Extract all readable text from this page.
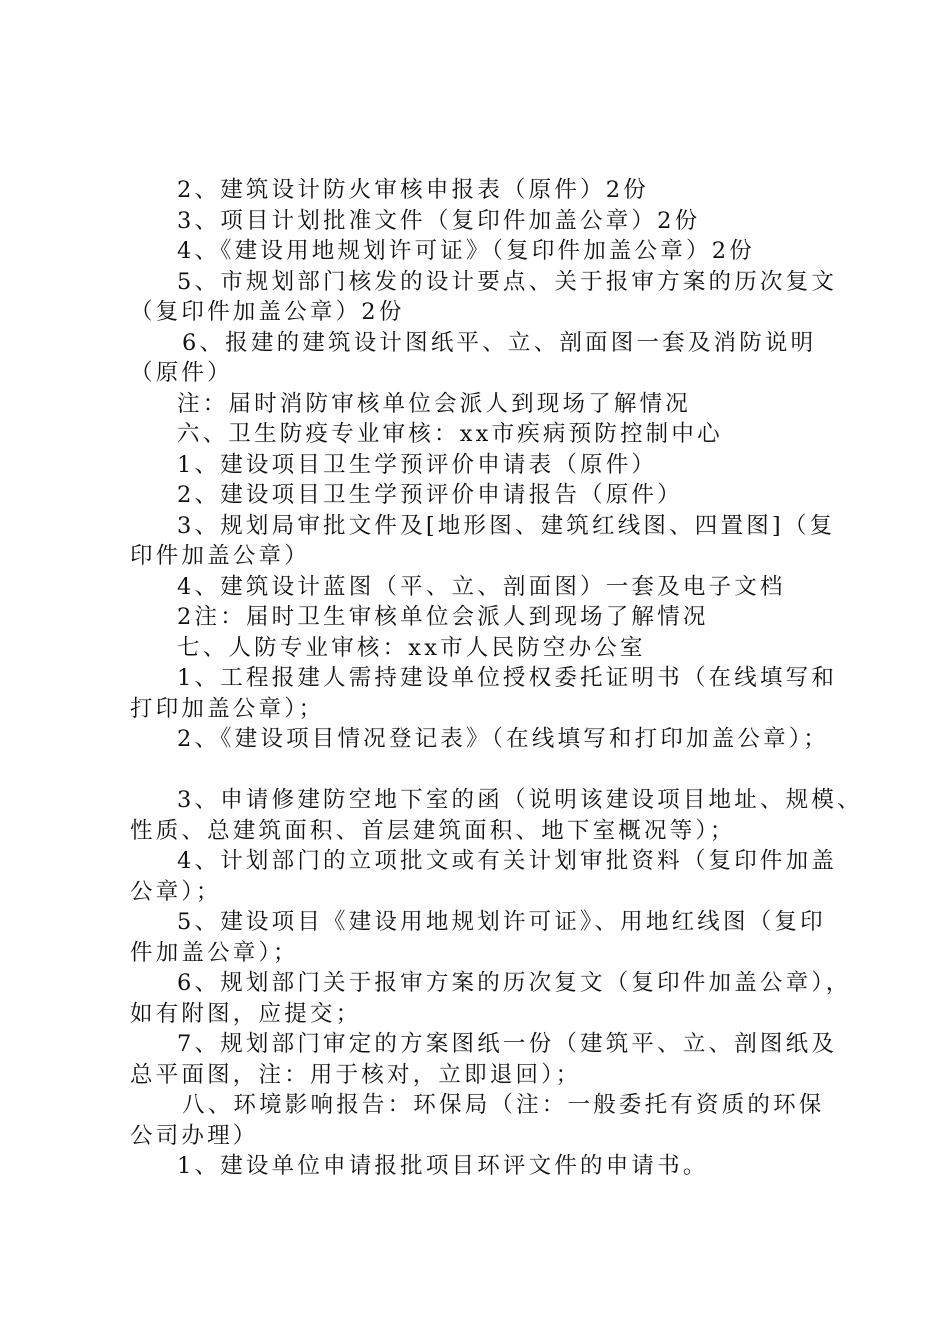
2、建筑设计防火审核申报表（原件）2份
3、项目计划批准文件（复印件加盖公章）2份
4、《建设用地规划许可证》（复印件加盖公章）2份
5、市规划部门核发的设计要点、关于报审方案的历次复文
（复印件加盖公章）2份
6、报建的建筑设计图纸平、立、剖面图一套及消防说明
（原件）
注：届时消防审核单位会派人到现场了解情况
六、卫生防疫专业审核：xx市疾病预防控制中心
1、建设项目卫生学预评价申请表（原件）
2、建设项目卫生学预评价申请报告（原件）
3、规划局审批文件及[地形图、建筑红线图、四置图]（复
印件加盖公章）
4、建筑设计蓝图（平、立、剖面图）一套及电子文档
2注：届时卫生审核单位会派人到现场了解情况
七、人防专业审核：xx市人民防空办公室
1、工程报建人需持建设单位授权委托证明书（在线填写和
打印加盖公章）；
2、《建设项目情况登记表》（在线填写和打印加盖公章）；
3、申请修建防空地下室的函（说明该建设项目地址、规模、
性质、总建筑面积、首层建筑面积、地下室概况等）；
4、计划部门的立项批文或有关计划审批资料（复印件加盖
公章）；
5、建设项目《建设用地规划许可证》、用地红线图（复印
件加盖公章）；
6、规划部门关于报审方案的历次复文（复印件加盖公章），
如有附图，应提交；
7、规划部门审定的方案图纸一份（建筑平、立、剖图纸及
总平面图，注：用于核对，立即退回）；
八、环境影响报告：环保局（注：一般委托有资质的环保
公司办理）
1、建设单位申请报批项目环评文件的申请书。
